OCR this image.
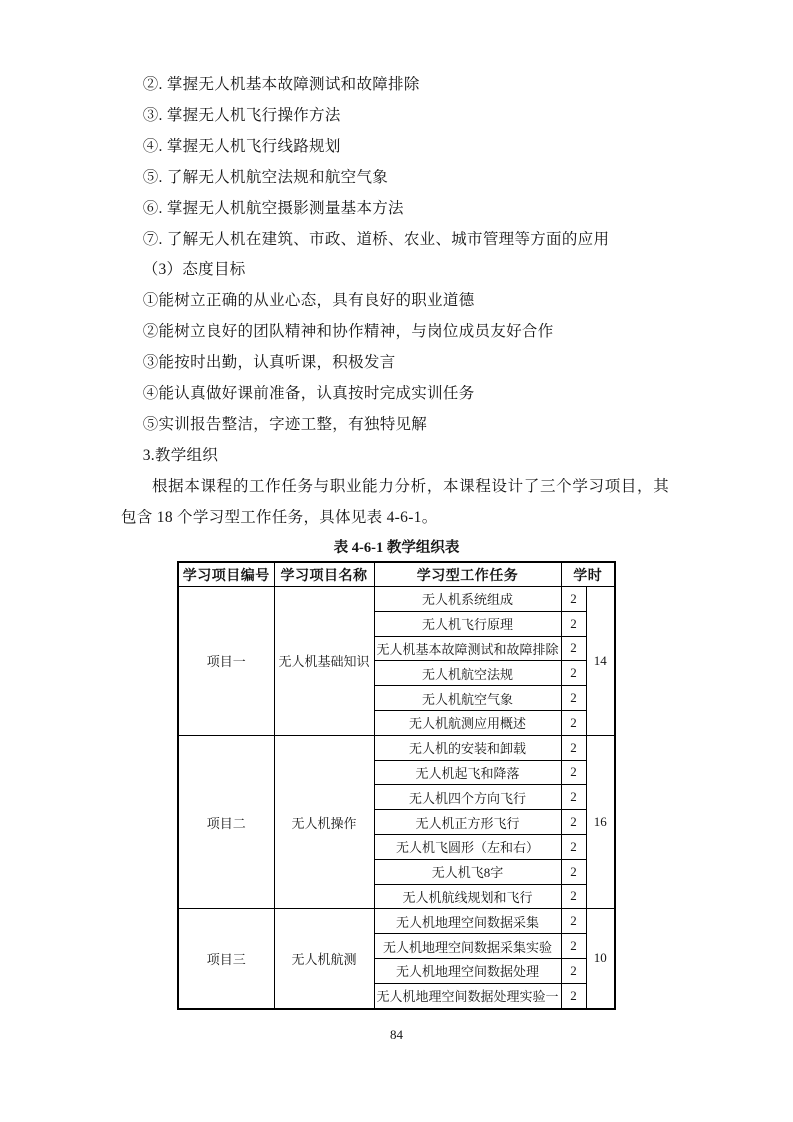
②. 掌握无人机基本故障测试和故障排除

③. 掌握无人机飞行操作方法

④. 掌握无人机飞行线路规划

⑤. 了解无人机航空法规和航空气象

⑥. 掌握无人机航空摄影测量基本方法

⑦. 了解无人机在建筑、市政、道桥、农业、城市管理等方面的应用

（3）态度目标

①能树立正确的从业心态，具有良好的职业道德

②能树立良好的团队精神和协作精神，与岗位成员友好合作

③能按时出勤，认真听课，积极发言

④能认真做好课前准备，认真按时完成实训任务

⑤实训报告整洁，字迹工整，有独特见解

3.教学组织

根据本课程的工作任务与职业能力分析，本课程设计了三个学习项目，其包含 18 个学习型工作任务，具体见表 4-6-1。

表 4-6-1 教学组织表

学习项目编号	学习项目名称	学习型工作任务	学时	
项目一	无人机基础知识	无人机系统组成	2	14
		无人机飞行原理	2	
		无人机基本故障测试和故障排除	2	
		无人机航空法规	2	
		无人机航空气象	2	
		无人机航测应用概述	2	
项目二	无人机操作	无人机的安装和卸载	2	16
		无人机起飞和降落	2	
		无人机四个方向飞行	2	
		无人机正方形飞行	2	
		无人机飞圆形（左和右）	2	
		无人机飞8字	2	
		无人机航线规划和飞行	2	
项目三	无人机航测	无人机地理空间数据采集	2	10
		无人机地理空间数据采集实验	2	
		无人机地理空间数据处理	2	
		无人机地理空间数据处理实验一	2	
84
